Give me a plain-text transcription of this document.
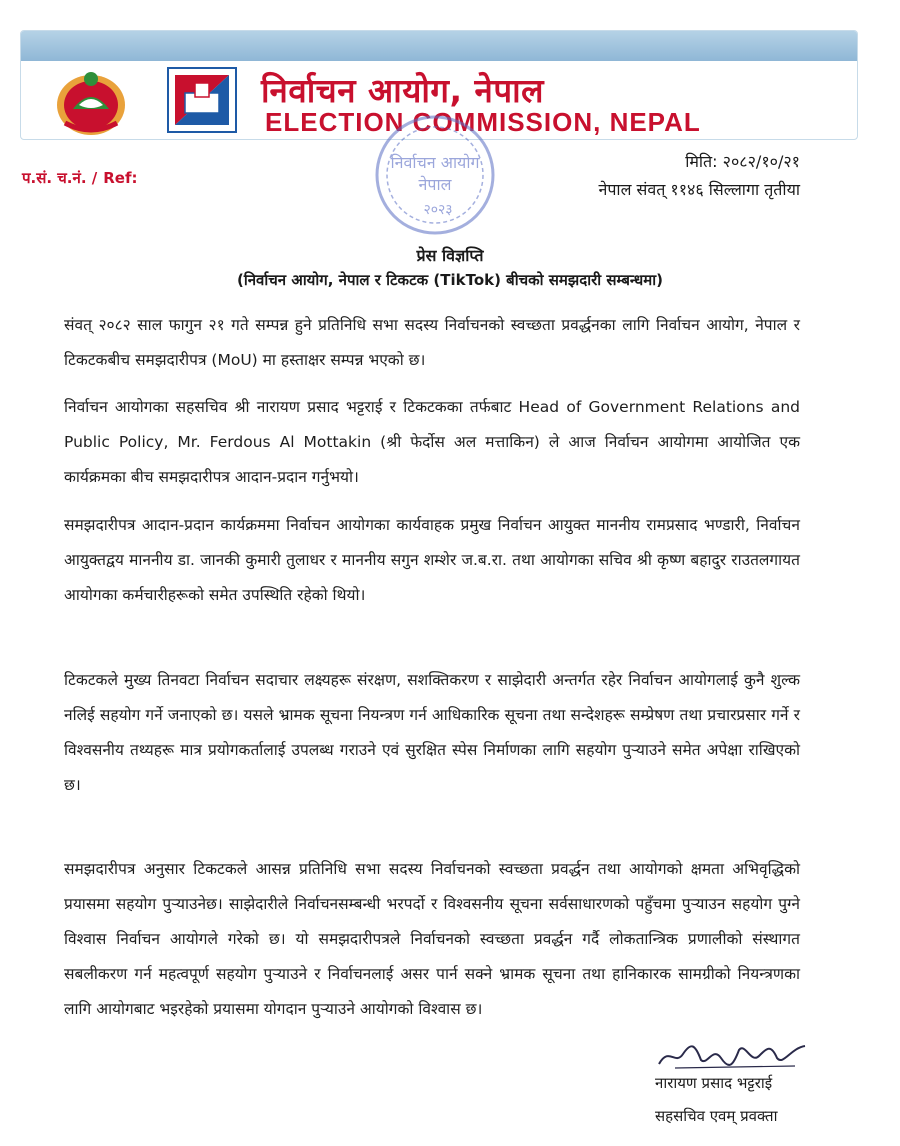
निर्वाचन आयोग, नेपाल
ELECTION COMMISSION, NEPAL
निर्वाचन आयोग
नेपाल
२०२३
प.सं. च.नं. / Ref:
मिति: २०८२/१०/२१
नेपाल संवत् ११४६ सिल्लागा तृतीया
प्रेस विज्ञप्ति
(निर्वाचन आयोग, नेपाल र टिकटक (TikTok) बीचको समझदारी सम्बन्धमा)
संवत् २०८२ साल फागुन २१ गते सम्पन्न हुने प्रतिनिधि सभा सदस्य निर्वाचनको स्वच्छता प्रवर्द्धनका लागि निर्वाचन आयोग, नेपाल र टिकटकबीच समझदारीपत्र (MoU) मा हस्ताक्षर सम्पन्न भएको छ।
निर्वाचन आयोगका सहसचिव श्री नारायण प्रसाद भट्टराई र टिकटकका तर्फबाट Head of Government Relations and Public Policy, Mr. Ferdous Al Mottakin (श्री फेर्दोस अल मत्ताकिन) ले आज निर्वाचन आयोगमा आयोजित एक कार्यक्रमका बीच समझदारीपत्र आदान-प्रदान गर्नुभयो।
समझदारीपत्र आदान-प्रदान कार्यक्रममा निर्वाचन आयोगका कार्यवाहक प्रमुख निर्वाचन आयुक्त माननीय रामप्रसाद भण्डारी, निर्वाचन आयुक्तद्वय माननीय डा. जानकी कुमारी तुलाधर र माननीय सगुन शम्शेर ज.ब.रा. तथा आयोगका सचिव श्री कृष्ण बहादुर राउतलगायत आयोगका कर्मचारीहरूको समेत उपस्थिति रहेको थियो।
टिकटकले मुख्य तिनवटा निर्वाचन सदाचार लक्ष्यहरू संरक्षण, सशक्तिकरण र साझेदारी अन्तर्गत रहेर निर्वाचन आयोगलाई कुनै शुल्क नलिई सहयोग गर्ने जनाएको छ। यसले भ्रामक सूचना नियन्त्रण गर्न आधिकारिक सूचना तथा सन्देशहरू सम्प्रेषण तथा प्रचारप्रसार गर्ने र विश्वसनीय तथ्यहरू मात्र प्रयोगकर्तालाई उपलब्ध गराउने एवं सुरक्षित स्पेस निर्माणका लागि सहयोग पुर्‍याउने समेत अपेक्षा राखिएको छ।
समझदारीपत्र अनुसार टिकटकले आसन्न प्रतिनिधि सभा सदस्य निर्वाचनको स्वच्छता प्रवर्द्धन तथा आयोगको क्षमता अभिवृद्धिको प्रयासमा सहयोग पुर्‍याउनेछ। साझेदारीले निर्वाचनसम्बन्धी भरपर्दो र विश्वसनीय सूचना सर्वसाधारणको पहुँचमा पुर्‍याउन सहयोग पुग्ने विश्वास निर्वाचन आयोगले गरेको छ। यो समझदारीपत्रले निर्वाचनको स्वच्छता प्रवर्द्धन गर्दै लोकतान्त्रिक प्रणालीको संस्थागत सबलीकरण गर्न महत्वपूर्ण सहयोग पुर्‍याउने र निर्वाचनलाई असर पार्न सक्ने भ्रामक सूचना तथा हानिकारक सामग्रीको नियन्त्रणका लागि आयोगबाट भइरहेको प्रयासमा योगदान पुर्‍याउने आयोगको विश्वास छ।
नारायण प्रसाद भट्टराई
सहसचिव एवम् प्रवक्ता
